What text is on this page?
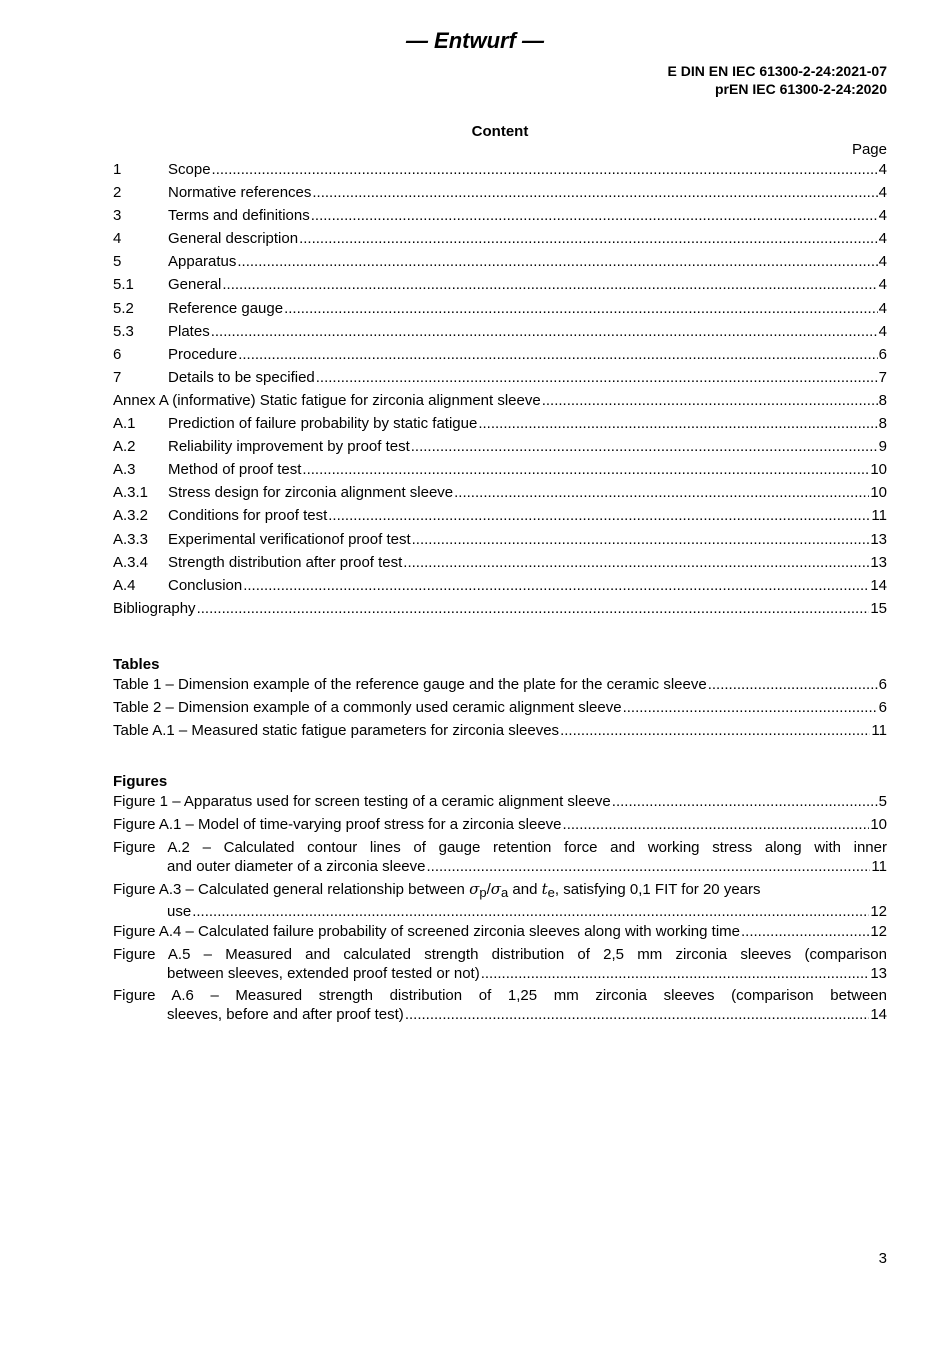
— Entwurf —
E DIN EN IEC 61300-2-24:2021-07
prEN IEC 61300-2-24:2020
Content
Page
1	Scope .....	4
2	Normative references .....	4
3	Terms and definitions .....	4
4	General description .....	4
5	Apparatus .....	4
5.1	General .....	4
5.2	Reference gauge .....	4
5.3	Plates .....	4
6	Procedure .....	6
7	Details to be specified .....	7
Annex A (informative) Static fatigue for zirconia alignment sleeve .....	8
A.1	Prediction of failure probability by static fatigue .....	8
A.2	Reliability improvement by proof test .....	9
A.3	Method of proof test .....	10
A.3.1	Stress design for zirconia alignment sleeve .....	10
A.3.2	Conditions for proof test .....	11
A.3.3	Experimental verificationof proof test .....	13
A.3.4	Strength distribution after proof test .....	13
A.4	Conclusion .....	14
Bibliography .....	15
Tables
Table 1 – Dimension example of the reference gauge and the plate for the ceramic sleeve .....	6
Table 2 – Dimension example of a commonly used ceramic alignment sleeve .....	6
Table A.1 – Measured static fatigue parameters for zirconia sleeves .....	11
Figures
Figure 1 – Apparatus used for screen testing of a ceramic alignment sleeve .....	5
Figure A.1 – Model of time-varying proof stress for a zirconia sleeve .....	10
Figure A.2 – Calculated contour lines of gauge retention force and working stress along with inner
and outer diameter of a zirconia sleeve .....	11
Figure A.3 – Calculated general relationship between σp/σa and te, satisfying 0,1 FIT for 20 years
use .....	12
Figure A.4 – Calculated failure probability of screened zirconia sleeves along with working time .....	12
Figure A.5 – Measured and calculated strength distribution of 2,5 mm zirconia sleeves (comparison
between sleeves, extended proof tested or not) .....	13
Figure A.6 – Measured strength distribution of 1,25 mm zirconia sleeves (comparison between
sleeves, before and after proof test) .....	14
3
